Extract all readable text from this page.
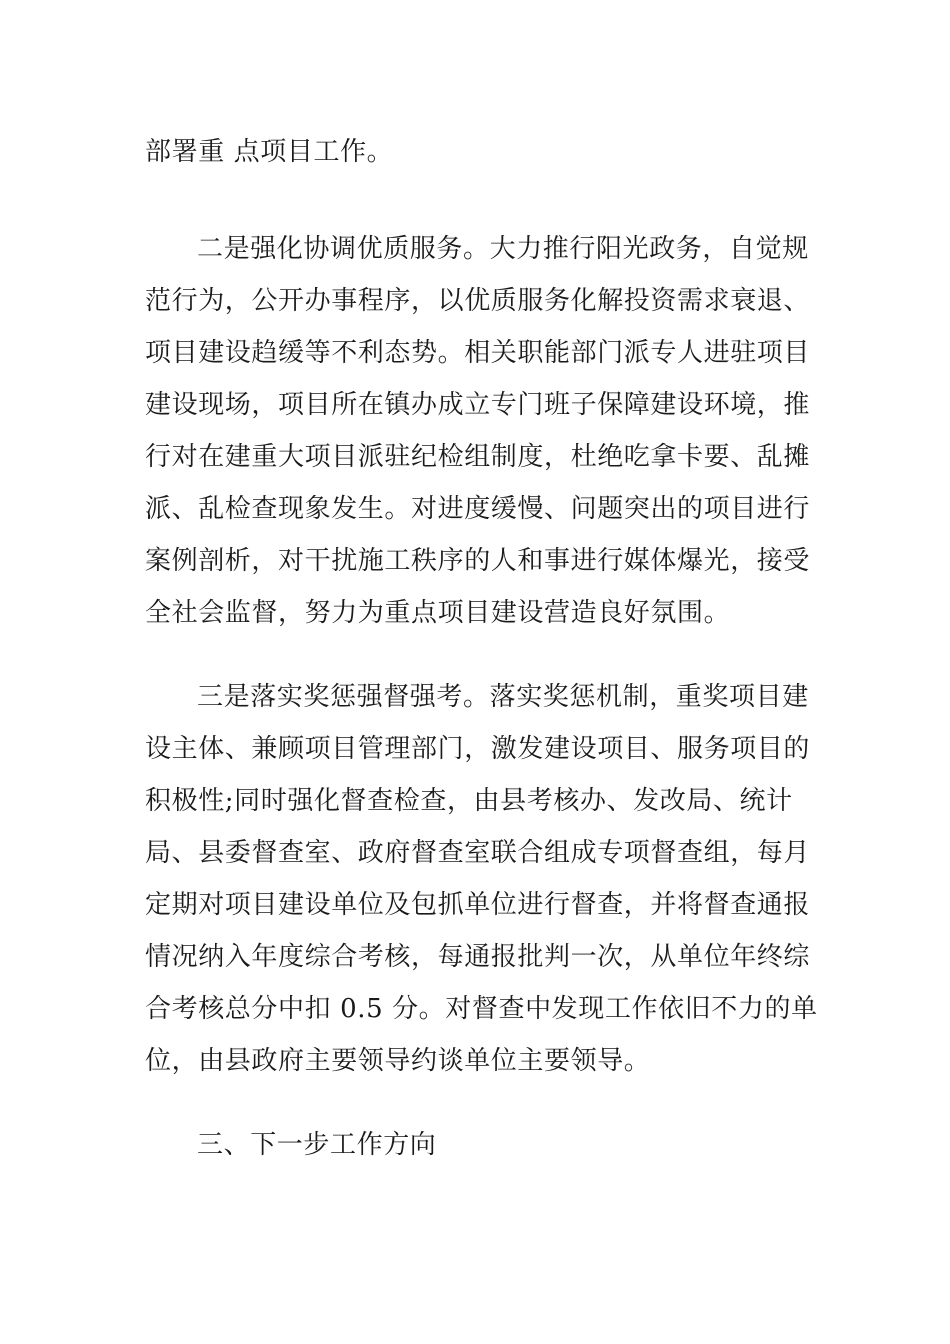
部署重 点项目工作。
二是强化协调优质服务。大力推行阳光政务，自觉规
范行为，公开办事程序，以优质服务化解投资需求衰退、
项目建设趋缓等不利态势。相关职能部门派专人进驻项目
建设现场，项目所在镇办成立专门班子保障建设环境，推
行对在建重大项目派驻纪检组制度，杜绝吃拿卡要、乱摊
派、乱检查现象发生。对进度缓慢、问题突出的项目进行
案例剖析，对干扰施工秩序的人和事进行媒体爆光，接受
全社会监督，努力为重点项目建设营造良好氛围。
三是落实奖惩强督强考。落实奖惩机制，重奖项目建
设主体、兼顾项目管理部门，激发建设项目、服务项目的
积极性;同时强化督查检查，由县考核办、发改局、统计
局、县委督查室、政府督查室联合组成专项督查组，每月
定期对项目建设单位及包抓单位进行督查，并将督查通报
情况纳入年度综合考核，每通报批判一次，从单位年终综
合考核总分中扣 0.5 分。对督查中发现工作依旧不力的单
位，由县政府主要领导约谈单位主要领导。
三、下一步工作方向
